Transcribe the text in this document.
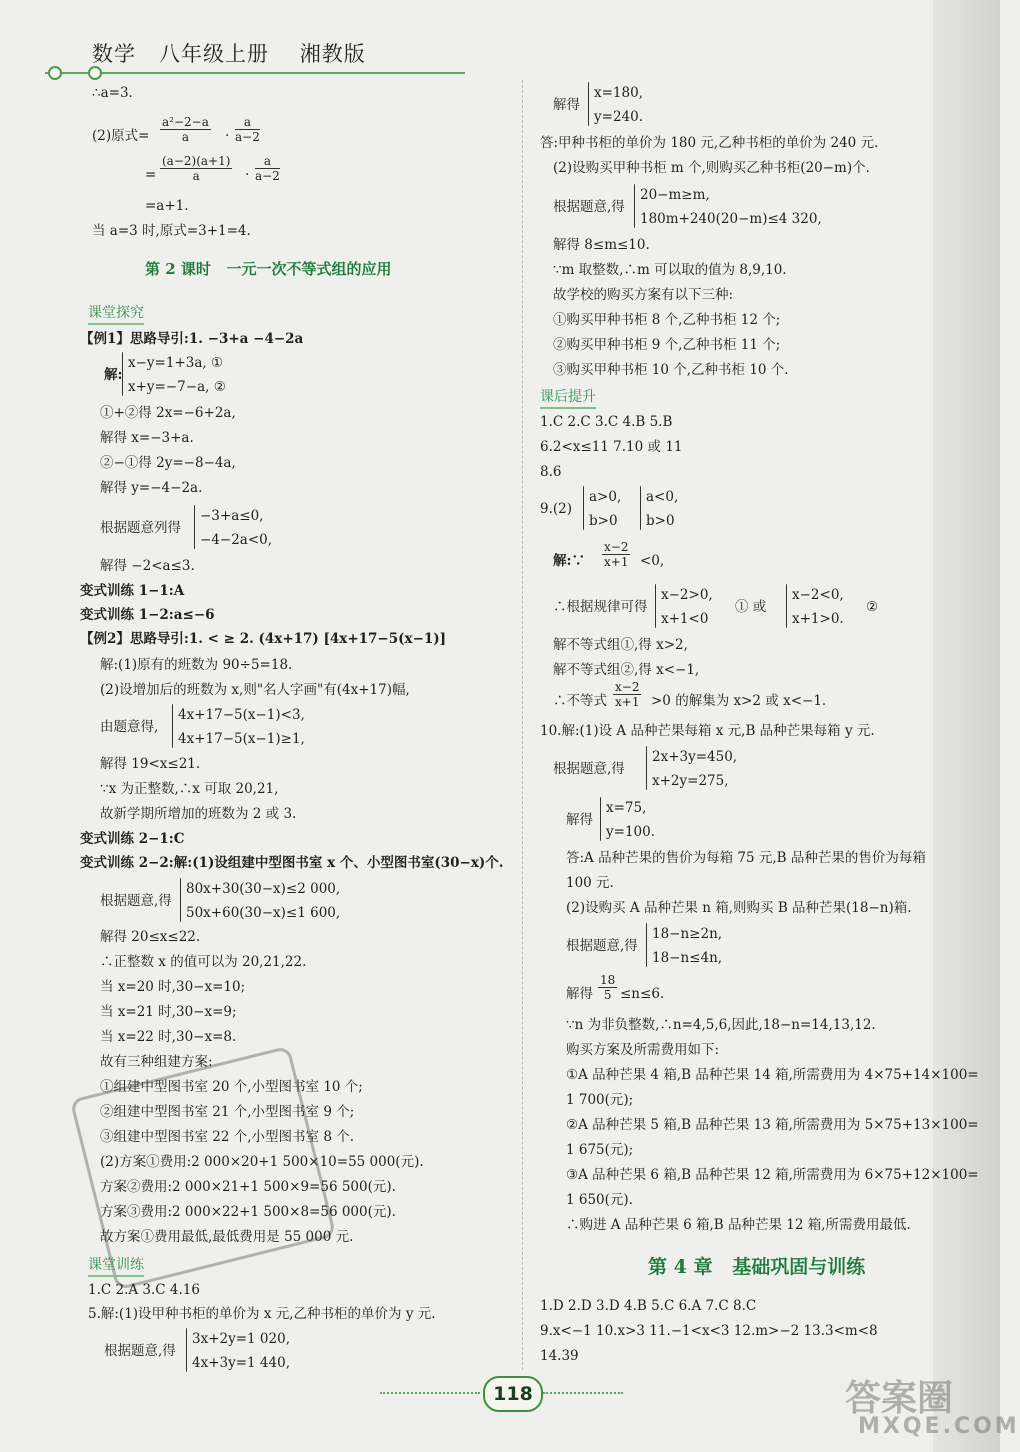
数学   八年级上册    湘教版
∴a=3.
(2)原式= $\frac{\text{a²−2−a}}{a} \cdot \frac{a}{a-2}$
= $\frac{(a-2)(a+1)}{a} \cdot \frac{a}{a-2}$
=a+1.
当 a=3 时,原式=3+1=4.
第 2 课时   一元一次不等式组的应用
课堂探究
【例1】思路导引:1. −3+a −4−2a
解:
x−y=1+3a, ①
x+y=−7−a, ②
①+②得 2x=−6+2a,
解得 x=−3+a.
②−①得 2y=−8−4a,
解得 y=−4−2a.
根据题意列得
−3+a≤0,
−4−2a<0,
解得 −2<a≤3.
变式训练 1−1:A
变式训练 1−2:a≤−6
【例2】思路导引:1. < ≥ 2. (4x+17) [4x+17−5(x−1)]
解:(1)原有的班数为 90÷5=18.
(2)设增加后的班数为 x,则"名人字画"有(4x+17)幅,
由题意得,
4x+17−5(x−1)<3,
4x+17−5(x−1)≥1,
解得 19<x≤21.
∵x 为正整数,∴x 可取 20,21,
故新学期所增加的班数为 2 或 3.
变式训练 2−1:C
变式训练 2−2:解:(1)设组建中型图书室 x 个、小型图书室(30−x)个.
根据题意,得
80x+30(30−x)≤2 000,
50x+60(30−x)≤1 600,
解得 20≤x≤22.
∴正整数 x 的值可以为 20,21,22.
当 x=20 时,30−x=10;
当 x=21 时,30−x=9;
当 x=22 时,30−x=8.
故有三种组建方案:
①组建中型图书室 20 个,小型图书室 10 个;
②组建中型图书室 21 个,小型图书室 9 个;
③组建中型图书室 22 个,小型图书室 8 个.
(2)方案①费用:2 000×20+1 500×10=55 000(元).
方案②费用:2 000×21+1 500×9=56 500(元).
方案③费用:2 000×22+1 500×8=56 000(元).
故方案①费用最低,最低费用是 55 000 元.
课堂训练
1.C 2.A 3.C 4.16
5.解:(1)设甲种书柜的单价为 x 元,乙种书柜的单价为 y 元.
根据题意,得
3x+2y=1 020,
4x+3y=1 440,
解得
x=180,
y=240.
答:甲种书柜的单价为 180 元,乙种书柜的单价为 240 元.
(2)设购买甲种书柜 m 个,则购买乙种书柜(20−m)个.
根据题意,得
20−m≥m,
180m+240(20−m)≤4 320,
解得 8≤m≤10.
∵m 取整数,∴m 可以取的值为 8,9,10.
故学校的购买方案有以下三种:
①购买甲种书柜 8 个,乙种书柜 12 个;
②购买甲种书柜 9 个,乙种书柜 11 个;
③购买甲种书柜 10 个,乙种书柜 10 个.
课后提升
1.C 2.C 3.C 4.B 5.B
6.2<x≤11 7.10 或 11
8.6
9.(2)
a>0,
b>0
a<0,
b>0
解:∵ $\frac{x-2}{x+1} <0$,
∴根据规律可得
x−2>0,
x+1<0
① 或
x−2<0,
x+1>0.
②
解不等式组①,得 x>2,
解不等式组②,得 x<−1,
∴不等式 $\frac{x-2}{x+1} >0$ 的解集为 x>2 或 x<−1.
10.解:(1)设 A 品种芒果每箱 x 元,B 品种芒果每箱 y 元.
根据题意,得
2x+3y=450,
x+2y=275,
解得
x=75,
y=100.
答:A 品种芒果的售价为每箱 75 元,B 品种芒果的售价为每箱
100 元.
(2)设购买 A 品种芒果 n 箱,则购买 B 品种芒果(18−n)箱.
根据题意,得
18−n≥2n,
18−n≤4n,
解得 $\frac{18}{5} \le n\le 6$.
∵n 为非负整数,∴n=4,5,6,因此,18−n=14,13,12.
购买方案及所需费用如下:
①A 品种芒果 4 箱,B 品种芒果 14 箱,所需费用为 4×75+14×100=
1 700(元);
②A 品种芒果 5 箱,B 品种芒果 13 箱,所需费用为 5×75+13×100=
1 675(元);
③A 品种芒果 6 箱,B 品种芒果 12 箱,所需费用为 6×75+12×100=
1 650(元).
∴购进 A 品种芒果 6 箱,B 品种芒果 12 箱,所需费用最低.
第 4 章   基础巩固与训练
1.D 2.D 3.D 4.B 5.C 6.A 7.C 8.C
9.x<−1 10.x>3 11.−1<x<3 12.m>−2 13.3<m<8
14.39
118	答案圈
MXQE.COM
